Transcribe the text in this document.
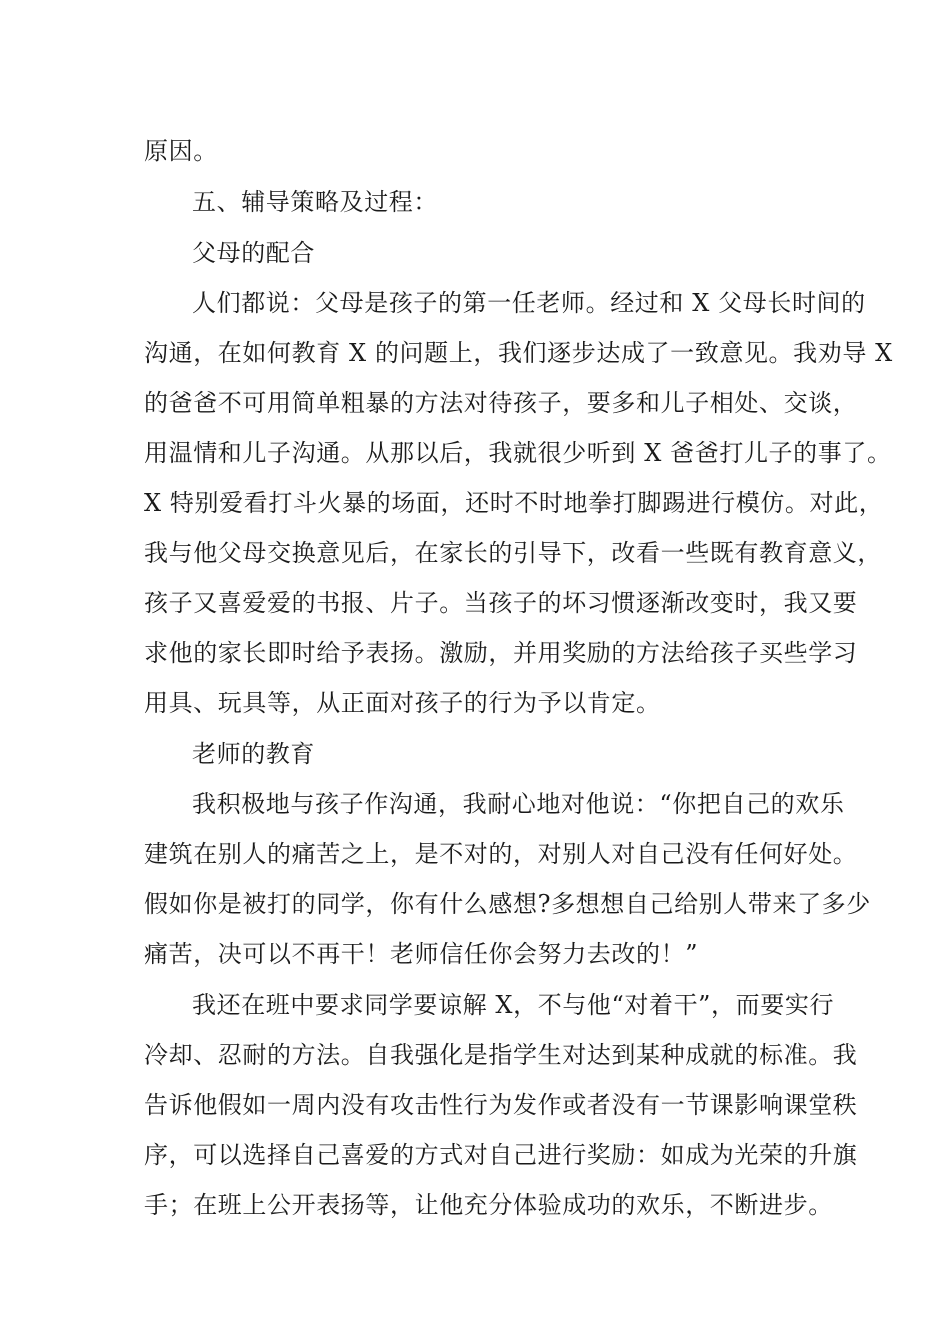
原因。
五、辅导策略及过程：
父母的配合
人们都说：父母是孩子的第一任老师。经过和 X 父母长时间的
沟通，在如何教育 X 的问题上，我们逐步达成了一致意见。我劝导 X
的爸爸不可用简单粗暴的方法对待孩子，要多和儿子相处、交谈，
用温情和儿子沟通。从那以后，我就很少听到 X 爸爸打儿子的事了。
X 特别爱看打斗火暴的场面，还时不时地拳打脚踢进行模仿。对此，
我与他父母交换意见后，在家长的引导下，改看一些既有教育意义，
孩子又喜爱爱的书报、片子。当孩子的坏习惯逐渐改变时，我又要
求他的家长即时给予表扬。激励，并用奖励的方法给孩子买些学习
用具、玩具等，从正面对孩子的行为予以肯定。
老师的教育
我积极地与孩子作沟通，我耐心地对他说：“你把自己的欢乐
建筑在别人的痛苦之上，是不对的，对别人对自己没有任何好处。
假如你是被打的同学，你有什么感想?多想想自己给别人带来了多少
痛苦，决可以不再干！老师信任你会努力去改的！”
我还在班中要求同学要谅解 X，不与他“对着干”，而要实行
冷却、忍耐的方法。自我强化是指学生对达到某种成就的标准。我
告诉他假如一周内没有攻击性行为发作或者没有一节课影响课堂秩
序，可以选择自己喜爱的方式对自己进行奖励：如成为光荣的升旗
手；在班上公开表扬等，让他充分体验成功的欢乐，不断进步。
